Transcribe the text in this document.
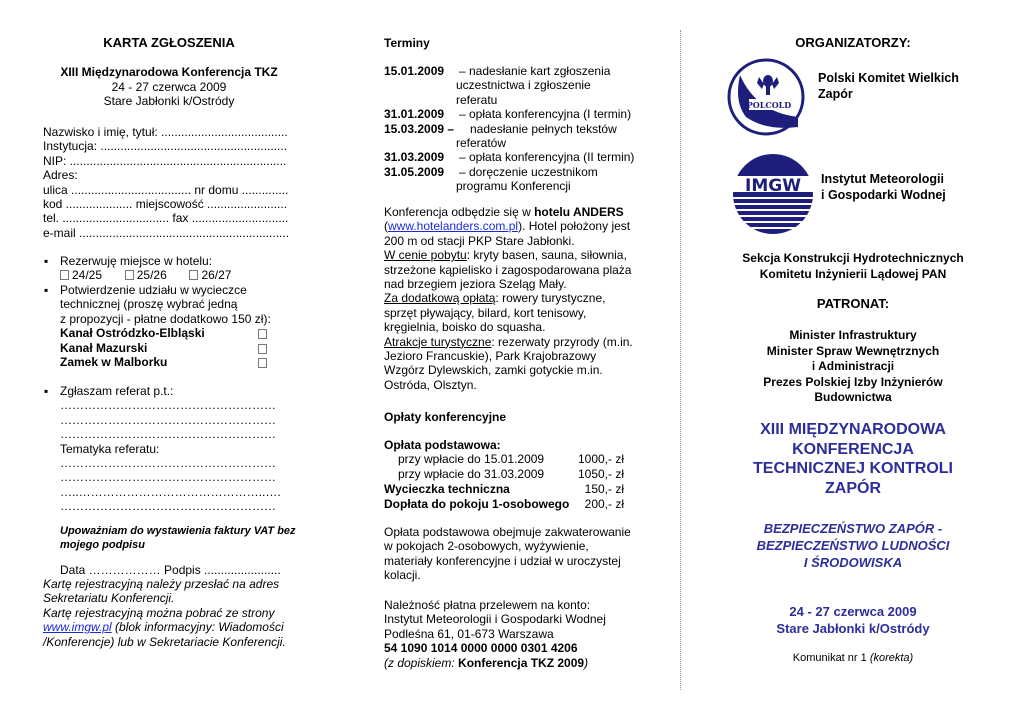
KARTA ZGŁOSZENIA
XIII Międzynarodowa Konferencja TKZ
24 - 27 czerwca 2009
Stare Jabłonki k/Ostródy
Nazwisko i imię, tytuł: ......................................
Instytucja: ........................................................
NIP: .................................................................
Adres:
ulica .................................... nr domu ..............
kod .................... miejscowość ........................
tel. ................................ fax .............................
e-mail ...............................................................
▪ Rezerwuję miejsce w hotelu:
24/25	25/26	26/27
▪ Potwierdzenie udziału w wycieczce
technicznej (proszę wybrać jedną
z propozycji - płatne dodatkowo 150 zł):
Kanał Ostródzko-Elbląski
Kanał Mazurski
Zamek w Malborku
▪ Zgłaszam referat p.t.:
………………………………………………
………………………………………………
………………………………………………
Tematyka referatu:
………………………………………………
………………………………………………
…..………………………………………..….
………………………………………………
Upoważniam do wystawienia faktury VAT bez
mojego podpisu
Data ……………… Podpis .......................
Kartę rejestracyjną należy przesłać na adres
Sekretariatu Konferencji.
Kartę rejestracyjną można pobrać ze strony
www.imgw.pl (blok informacyjny: Wiadomości
/Konferencje) lub w Sekretariacie Konferencji.
Terminy
15.01.2009	– nadesłanie kart zgłoszenia
uczestnictwa i zgłoszenie
referatu
31.01.2009	– opłata konferencyjna (I termin)
15.03.2009 –	nadesłanie pełnych tekstów
referatów
31.03.2009	– opłata konferencyjna (II termin)
31.05.2009	– doręczenie uczestnikom
programu Konferencji
Konferencja odbędzie się w hotelu ANDERS
(www.hotelanders.com.pl). Hotel położony jest
200 m od stacji PKP Stare Jabłonki.
W cenie pobytu: kryty basen, sauna, siłownia,
strzeżone kąpielisko i zagospodarowana plaża
nad brzegiem jeziora Szeląg Mały.
Za dodatkową opłatą: rowery turystyczne,
sprzęt pływający, bilard, kort tenisowy,
kręgielnia, boisko do squasha.
Atrakcje turystyczne: rezerwaty przyrody (m.in.
Jezioro Francuskie), Park Krajobrazowy
Wzgórz Dylewskich, zamki gotyckie m.in.
Ostróda, Olsztyn.
Opłaty konferencyjne
Opłata podstawowa:
przy wpłacie do 15.01.2009	1000,- zł
przy wpłacie do 31.03.2009	1050,- zł
Wycieczka techniczna	150,- zł
Dopłata do pokoju 1-osobowego 200,- zł
Opłata podstawowa obejmuje zakwaterowanie
w pokojach 2-osobowych, wyżywienie,
materiały konferencyjne i udział w uroczystej
kolacji.
Należność płatna przelewem na konto:
Instytut Meteorologii i Gospodarki Wodnej
Podleśna 61, 01-673 Warszawa
54 1090 1014 0000 0000 0301 4206
(z dopiskiem: Konferencja TKZ 2009)
ORGANIZATORZY:
POLCOLD
Polski Komitet Wielkich
Zapór
IMGW Instytut Meteorologii
i Gospodarki Wodnej
Sekcja Konstrukcji Hydrotechnicznych
Komitetu Inżynierii Lądowej PAN
PATRONAT:
Minister Infrastruktury
Minister Spraw Wewnętrznych
i Administracji
Prezes Polskiej Izby Inżynierów
Budownictwa
XIII MIĘDZYNARODOWA
KONFERENCJA
TECHNICZNEJ KONTROLI
ZAPÓR
BEZPIECZEŃSTWO ZAPÓR -
BEZPIECZEŃSTWO LUDNOŚCI
I ŚRODOWISKA
24 - 27 czerwca 2009
Stare Jabłonki k/Ostródy
Komunikat nr 1 (korekta)
